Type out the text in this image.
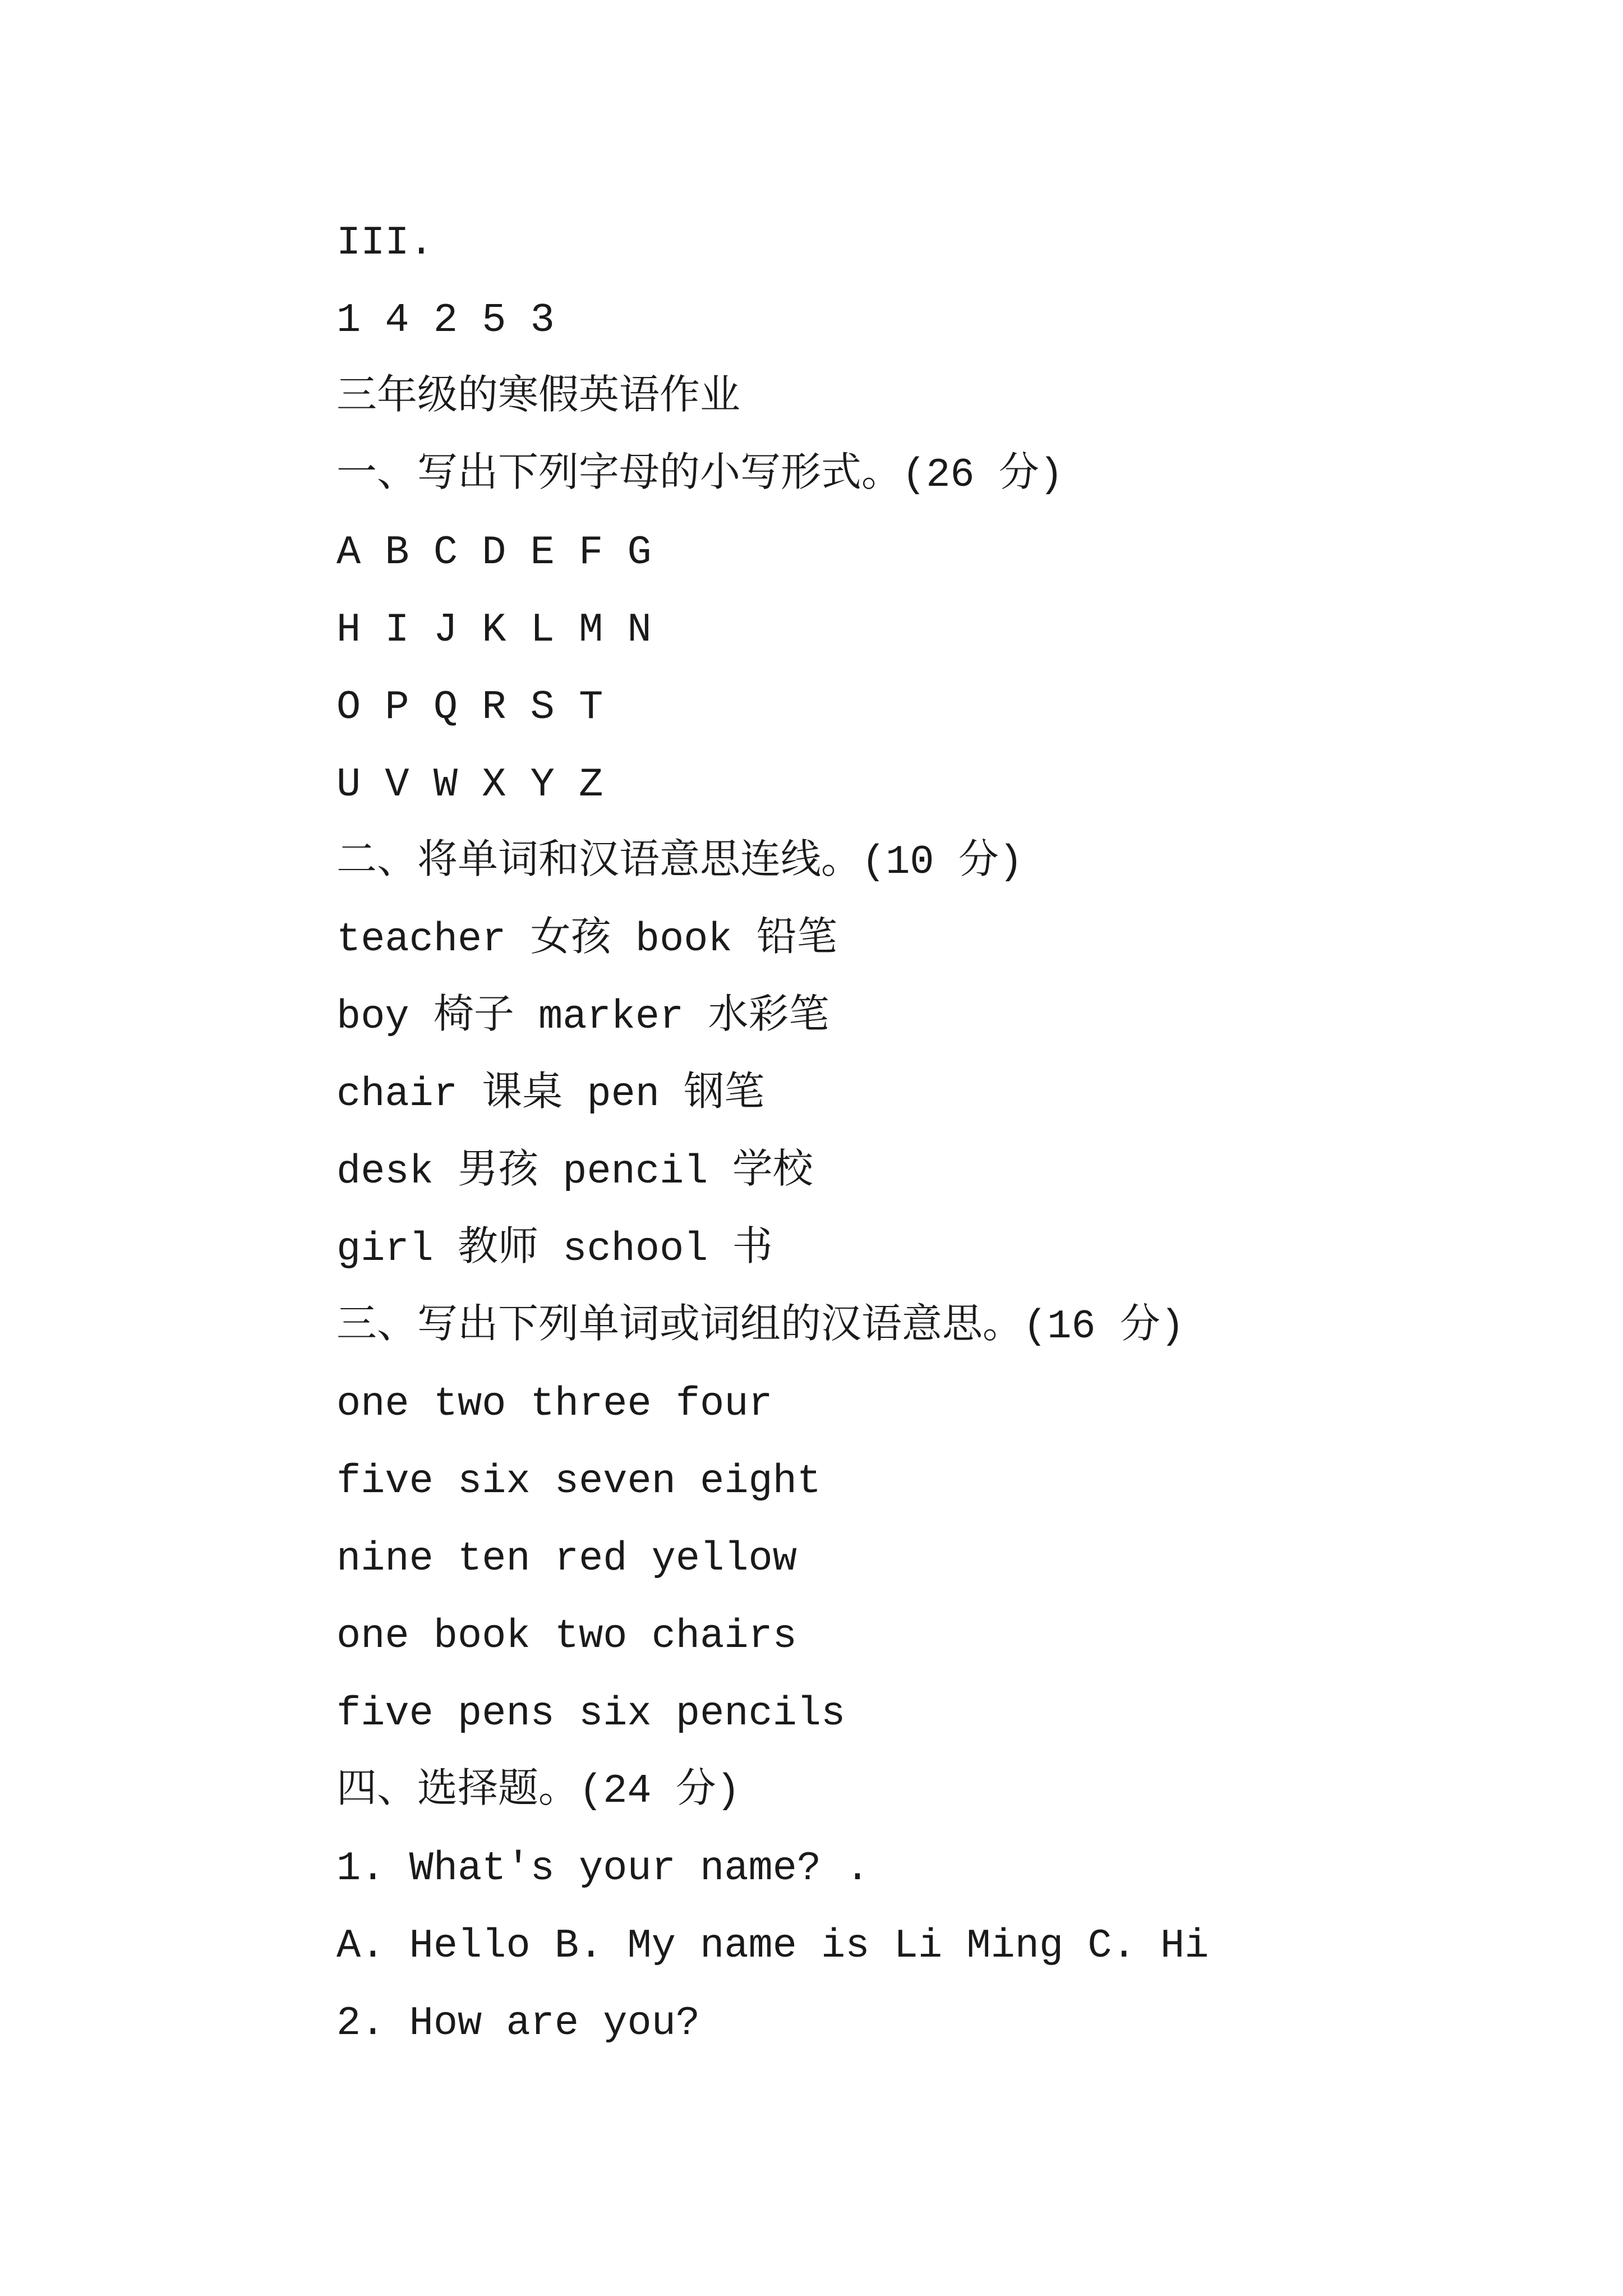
III.
1 4 2 5 3
三年级的寒假英语作业
一、写出下列字母的小写形式。(26 分)
A B C D E F G
H I J K L M N
O P Q R S T
U V W X Y Z
二、将单词和汉语意思连线。(10 分)
teacher 女孩 book 铅笔
boy 椅子 marker 水彩笔
chair 课桌 pen 钢笔
desk 男孩 pencil 学校
girl 教师 school 书
三、写出下列单词或词组的汉语意思。(16 分)
one two three four
five six seven eight
nine ten red yellow
one book two chairs
five pens six pencils
四、选择题。(24 分)
1. What's your name? .
A. Hello B. My name is Li Ming C. Hi
2. How are you?
